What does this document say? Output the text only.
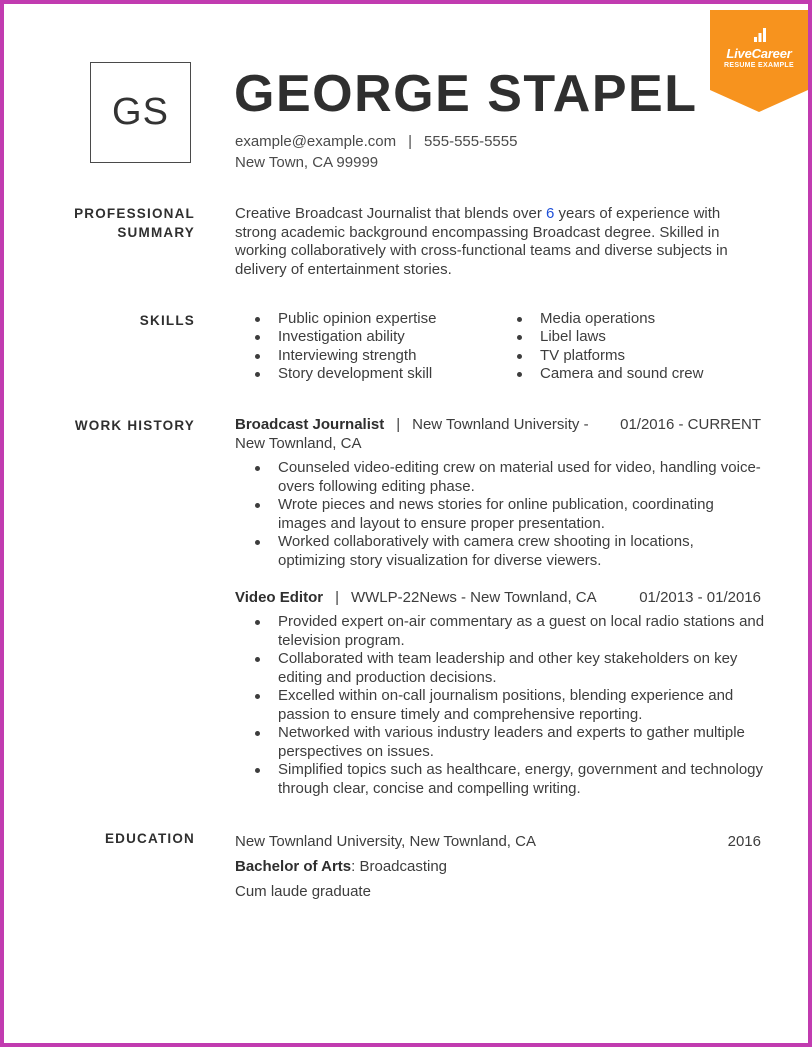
LiveCareer
RESUME EXAMPLE
GS	GEORGE STAPEL
example@example.com | 555-555-5555
New Town, CA 99999
PROFESSIONAL
SUMMARY
Creative Broadcast Journalist that blends over 6 years of experience with strong academic background encompassing Broadcast degree. Skilled in working collaboratively with cross-functional teams and diverse subjects in delivery of entertainment stories.
SKILLS	Public opinion expertise
Investigation ability
Interviewing strength
Story development skill
Media operations
Libel laws
TV platforms
Camera and sound crew
WORK HISTORY	Broadcast Journalist | New Townland University - 01/2016 - CURRENT
New Townland, CA
Counseled video-editing crew on material used for video, handling voice-overs following editing phase.
Wrote pieces and news stories for online publication, coordinating images and layout to ensure proper presentation.
Worked collaboratively with camera crew shooting in locations, optimizing story visualization for diverse viewers.
Video Editor | WWLP-22News - New Townland, CA	01/2013 - 01/2016
Provided expert on-air commentary as a guest on local radio stations and television program.
Collaborated with team leadership and other key stakeholders on key editing and production decisions.
Excelled within on-call journalism positions, blending experience and passion to ensure timely and comprehensive reporting.
Networked with various industry leaders and experts to gather multiple perspectives on issues.
Simplified topics such as healthcare, energy, government and technology through clear, concise and compelling writing.
EDUCATION	New Townland University, New Townland, CA	2016
Bachelor of Arts: Broadcasting
Cum laude graduate
